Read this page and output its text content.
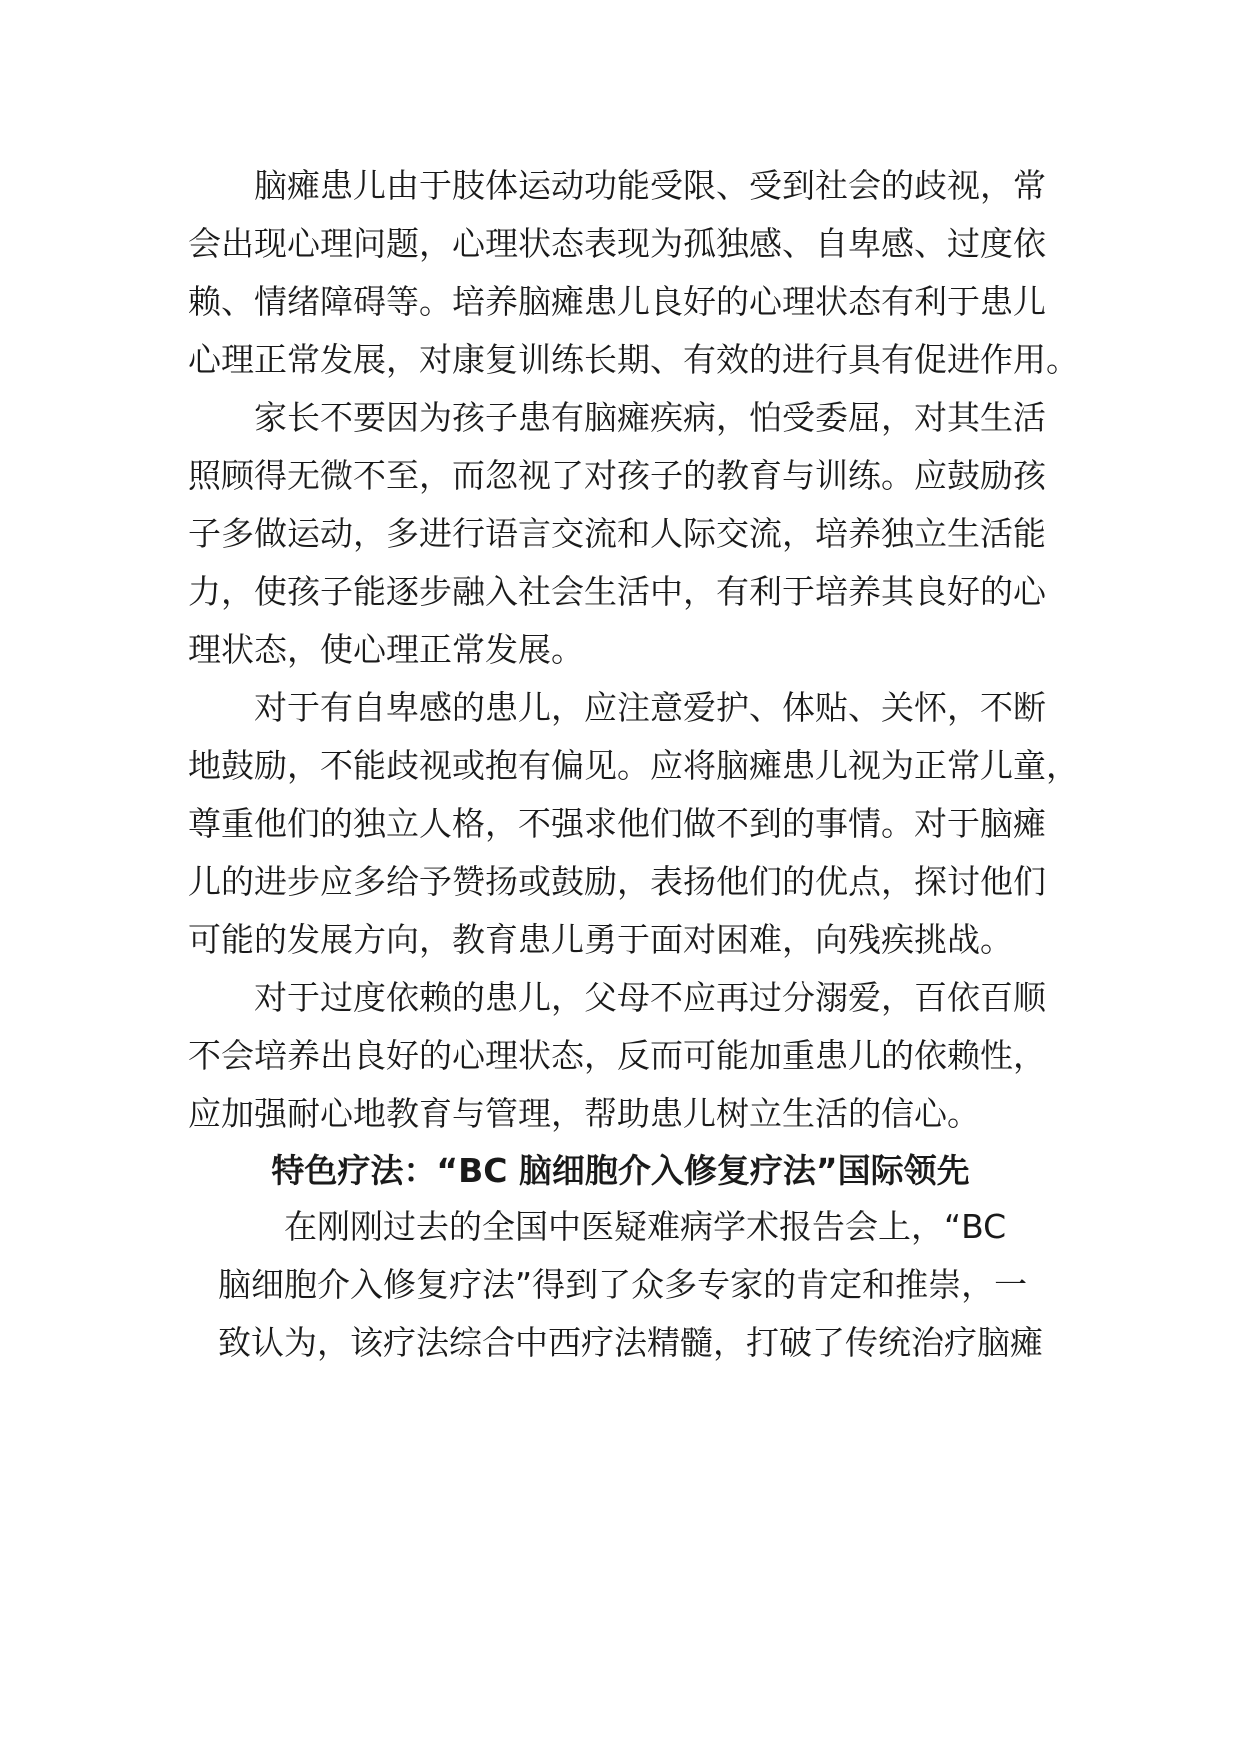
脑瘫患儿由于肢体运动功能受限、受到社会的歧视，常
会出现心理问题，心理状态表现为孤独感、自卑感、过度依
赖、情绪障碍等。培养脑瘫患儿良好的心理状态有利于患儿
心理正常发展，对康复训练长期、有效的进行具有促进作用。
家长不要因为孩子患有脑瘫疾病，怕受委屈，对其生活
照顾得无微不至，而忽视了对孩子的教育与训练。应鼓励孩
子多做运动，多进行语言交流和人际交流，培养独立生活能
力，使孩子能逐步融入社会生活中，有利于培养其良好的心
理状态，使心理正常发展。
对于有自卑感的患儿，应注意爱护、体贴、关怀，不断
地鼓励，不能歧视或抱有偏见。应将脑瘫患儿视为正常儿童，
尊重他们的独立人格，不强求他们做不到的事情。对于脑瘫
儿的进步应多给予赞扬或鼓励，表扬他们的优点，探讨他们
可能的发展方向，教育患儿勇于面对困难，向残疾挑战。
对于过度依赖的患儿，父母不应再过分溺爱，百依百顺
不会培养出良好的心理状态，反而可能加重患儿的依赖性，
应加强耐心地教育与管理，帮助患儿树立生活的信心。
特色疗法：“BC 脑细胞介入修复疗法”国际领先
在刚刚过去的全国中医疑难病学术报告会上，“BC
脑细胞介入修复疗法”得到了众多专家的肯定和推崇，一
致认为，该疗法综合中西疗法精髓，打破了传统治疗脑瘫
